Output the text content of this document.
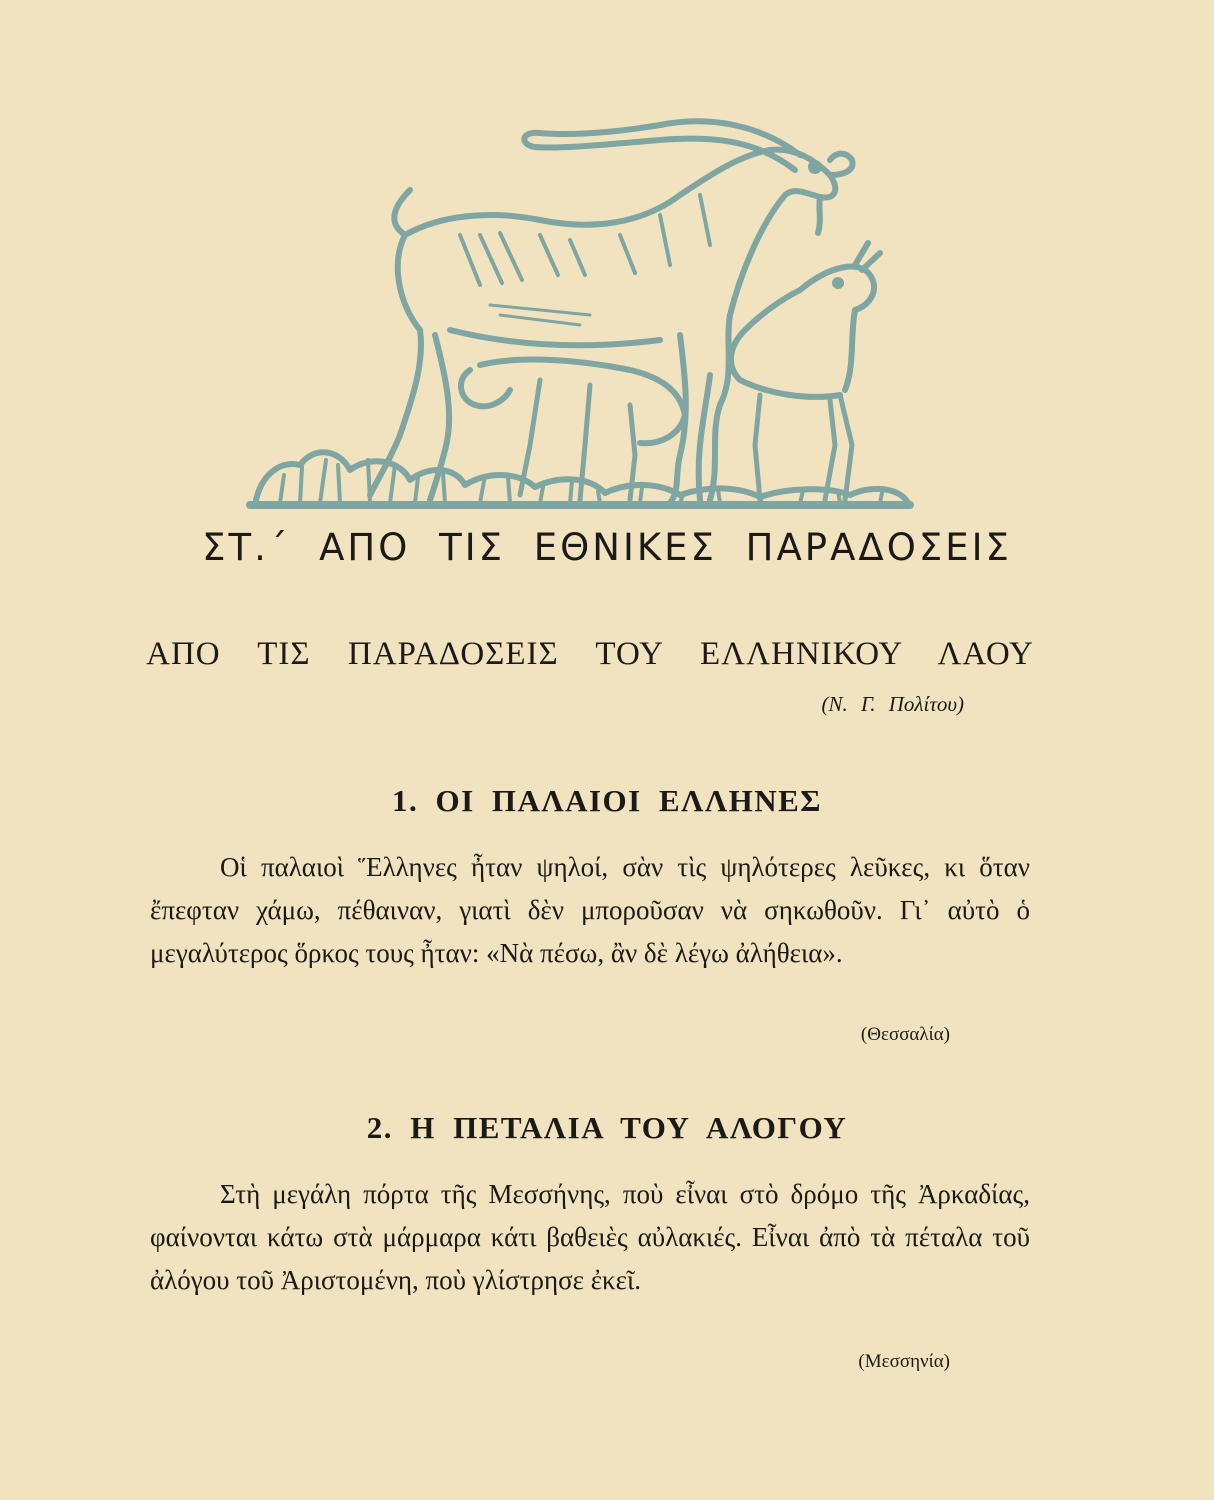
ΣΤ.΄ ΑΠΟ ΤΙΣ ΕΘΝΙΚΕΣ ΠΑΡΑΔΟΣΕΙΣ
ΑΠΟ ΤΙΣ ΠΑΡΑΔΟΣΕΙΣ ΤΟΥ ΕΛΛΗΝΙΚΟΥ ΛΑΟΥ
(Ν. Γ. Πολίτου)
1. ΟΙ ΠΑΛΑΙΟΙ ΕΛΛΗΝΕΣ

Οἱ παλαιοὶ Ἕλληνες ἦταν ψηλοί, σὰν τὶς ψηλότερες λεῦκες, κι ὅταν ἔπεφταν χάμω, πέθαιναν, γιατὶ δὲν μποροῦσαν νὰ σηκωθοῦν. Γι᾿ αὐτὸ ὁ μεγαλύτερος ὅρκος τους ἦταν: «Νὰ πέσω, ἂν δὲ λέγω ἀλήθεια».

(Θεσσαλία)
2. Η ΠΕΤΑΛΙΑ ΤΟΥ ΑΛΟΓΟΥ

Στὴ μεγάλη πόρτα τῆς Μεσσήνης, ποὺ εἶναι στὸ δρόμο τῆς Ἀρκαδίας, φαίνονται κάτω στὰ μάρμαρα κάτι βαθειὲς αὐλακιές. Εἶναι ἀπὸ τὰ πέταλα τοῦ ἀλόγου τοῦ Ἀριστομένη, ποὺ γλίστρησε ἐκεῖ.

(Μεσσηνία)
